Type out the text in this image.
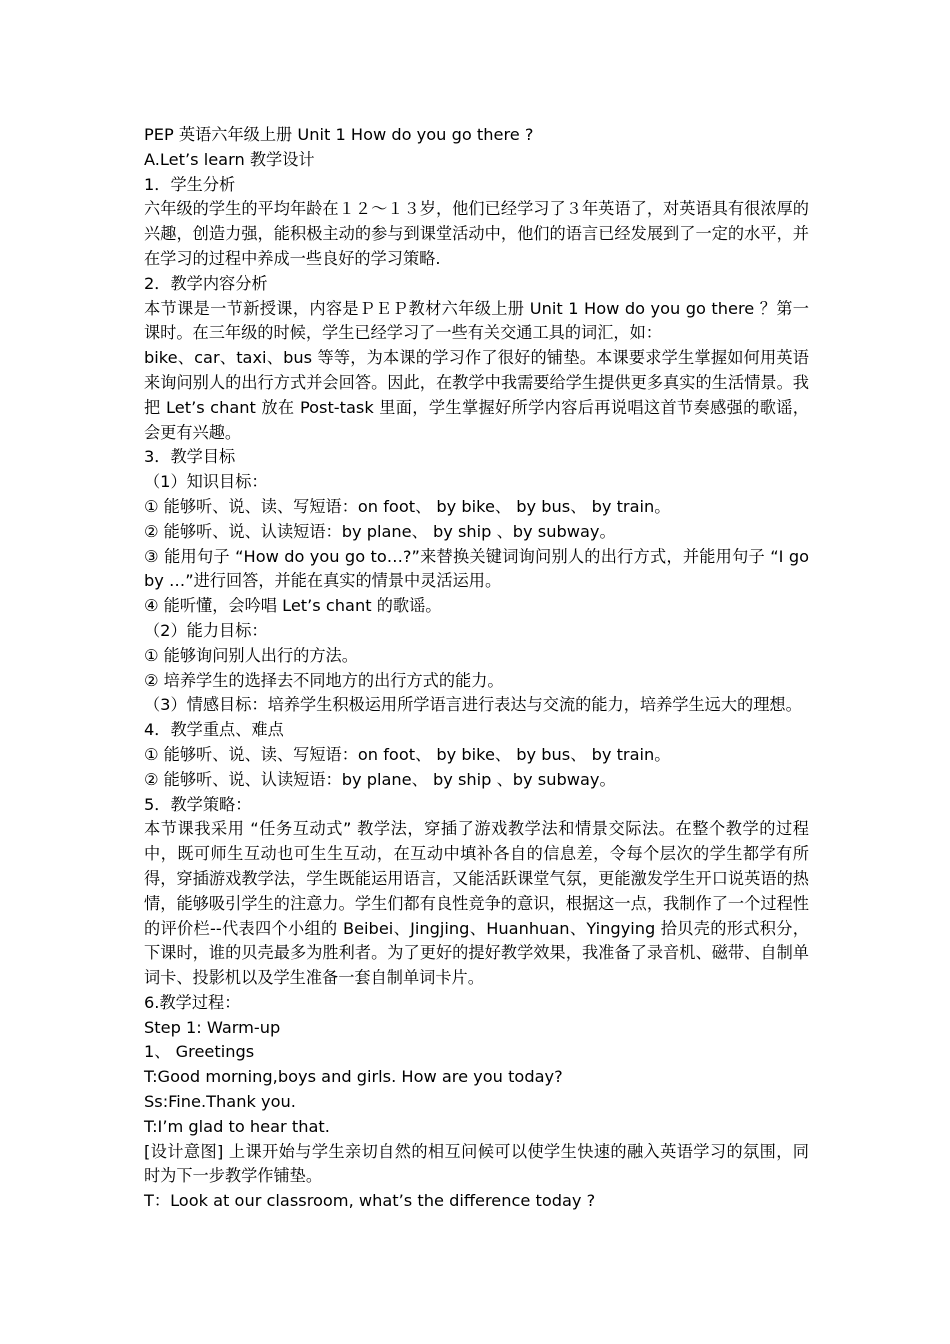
PEP 英语六年级上册 Unit 1 How do you go there ?
A.Let’s learn 教学设计
1．学生分析
六年级的学生的平均年龄在１２～１３岁，他们已经学习了３年英语了，对英语具有很浓厚的兴趣，创造力强，能积极主动的参与到课堂活动中，他们的语言已经发展到了一定的水平，并在学习的过程中养成一些良好的学习策略.
2．教学内容分析
本节课是一节新授课，内容是ＰＥＰ教材六年级上册 Unit 1 How do you go there ？第一课时。在三年级的时候，学生已经学习了一些有关交通工具的词汇，如：
bike、car、taxi、bus 等等，为本课的学习作了很好的铺垫。本课要求学生掌握如何用英语来询问别人的出行方式并会回答。因此，在教学中我需要给学生提供更多真实的生活情景。我把 Let’s chant 放在 Post-task 里面，学生掌握好所学内容后再说唱这首节奏感强的歌谣，会更有兴趣。
3．教学目标
（1）知识目标：
① 能够听、说、读、写短语：on foot、 by bike、 by bus、 by train。
② 能够听、说、认读短语：by plane、 by ship 、by subway。
③ 能用句子 “How do you go to…?”来替换关键词询问别人的出行方式，并能用句子 “I go by …”进行回答，并能在真实的情景中灵活运用。
④ 能听懂，会吟唱 Let’s chant 的歌谣。
（2）能力目标：
① 能够询问别人出行的方法。
② 培养学生的选择去不同地方的出行方式的能力。
（3）情感目标：培养学生积极运用所学语言进行表达与交流的能力，培养学生远大的理想。
4．教学重点、难点
① 能够听、说、读、写短语：on foot、 by bike、 by bus、 by train。
② 能够听、说、认读短语：by plane、 by ship 、by subway。
5．教学策略：
本节课我采用 “任务互动式” 教学法，穿插了游戏教学法和情景交际法。在整个教学的过程中，既可师生互动也可生生互动，在互动中填补各自的信息差，令每个层次的学生都学有所得，穿插游戏教学法，学生既能运用语言，又能活跃课堂气氛，更能激发学生开口说英语的热情，能够吸引学生的注意力。学生们都有良性竞争的意识，根据这一点，我制作了一个过程性的评价栏--代表四个小组的 Beibei、Jingjing、Huanhuan、Yingying 拾贝壳的形式积分，下课时，谁的贝壳最多为胜利者。为了更好的提好教学效果，我准备了录音机、磁带、自制单词卡、投影机以及学生准备一套自制单词卡片。
6.教学过程：
Step 1: Warm-up
1、 Greetings
T:Good morning,boys and girls. How are you today?
Ss:Fine.Thank you.
T:I’m glad to hear that.
[设计意图] 上课开始与学生亲切自然的相互问候可以使学生快速的融入英语学习的氛围，同时为下一步教学作铺垫。
T：Look at our classroom, what’s the difference today ?
